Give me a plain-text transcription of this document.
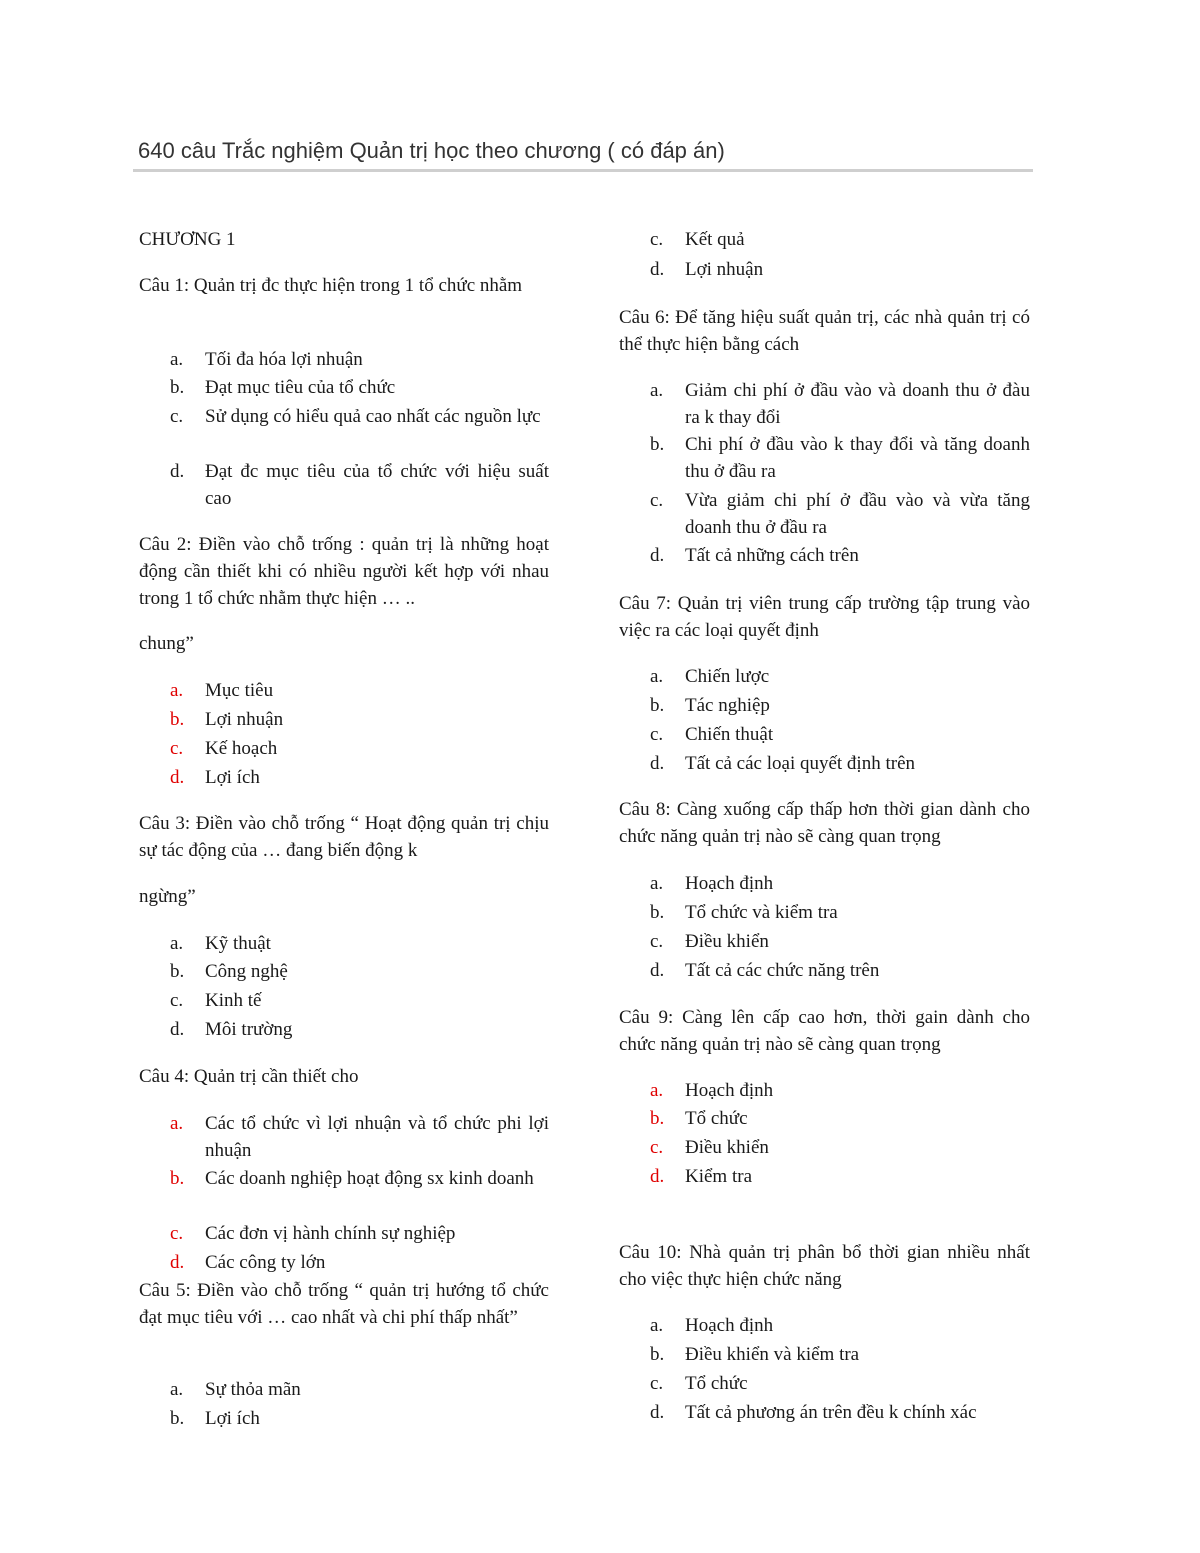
640 câu Trắc nghiệm Quản trị học theo chương ( có đáp án)

CHƯƠNG 1

Câu 1: Quản trị đc thực hiện trong 1 tổ chức nhằm

a.	Tối đa hóa lợi nhuận
b.	Đạt mục tiêu của tổ chức
c.	Sử dụng có hiểu quả cao nhất các nguồn lực
d.	Đạt đc mục tiêu của tổ chức với hiệu suất cao

Câu 2: Điền vào chỗ trống : quản trị là những hoạt động cần thiết khi có nhiều người kết hợp với nhau trong 1 tổ chức nhằm thực hiện … ..

chung”

a.	Mục tiêu
b.	Lợi nhuận
c.	Kế hoạch
d.	Lợi ích

Câu 3: Điền vào chỗ trống “ Hoạt động quản trị chịu sự tác động của … đang biến động k

ngừng”

a.	Kỹ thuật
b.	Công nghệ
c.	Kinh tế
d.	Môi trường

Câu 4: Quản trị cần thiết cho

a.	Các tổ chức vì lợi nhuận và tổ chức phi lợi nhuận
b.	Các doanh nghiệp hoạt động sx kinh doanh
c.	Các đơn vị hành chính sự nghiệp
d.	Các công ty lớn

Câu 5: Điền vào chỗ trống “ quản trị hướng tổ chức đạt mục tiêu với … cao nhất và chi phí thấp nhất”

a.	Sự thỏa mãn
b.	Lợi ích
c.	Kết quả
d.	Lợi nhuận

Câu 6: Để tăng hiệu suất quản trị, các nhà quản trị có thể thực hiện bằng cách

a.	Giảm chi phí ở đầu vào và doanh thu ở đàu ra k thay đổi
b.	Chi phí ở đầu vào k thay đổi và tăng doanh thu ở đầu ra
c.	Vừa giảm chi phí ở đầu vào và vừa tăng doanh thu ở đầu ra
d.	Tất cả những cách trên

Câu 7: Quản trị viên trung cấp trường tập trung vào việc ra các loại quyết định

a.	Chiến lược
b.	Tác nghiệp
c.	Chiến thuật
d.	Tất cả các loại quyết định trên

Câu 8: Càng xuống cấp thấp hơn thời gian dành cho chức năng quản trị nào sẽ càng quan trọng

a.	Hoạch định
b.	Tổ chức và kiểm tra
c.	Điều khiển
d.	Tất cả các chức năng trên

Câu 9: Càng lên cấp cao hơn, thời gain dành cho chức năng quản trị nào sẽ càng quan trọng

a.	Hoạch định
b.	Tổ chức
c.	Điều khiển
d.	Kiểm tra

Câu 10: Nhà quản trị phân bổ thời gian nhiều nhất cho việc thực hiện chức năng

a.	Hoạch định
b.	Điều khiển và kiểm tra
c.	Tổ chức
d.	Tất cả phương án trên đều k chính xác
